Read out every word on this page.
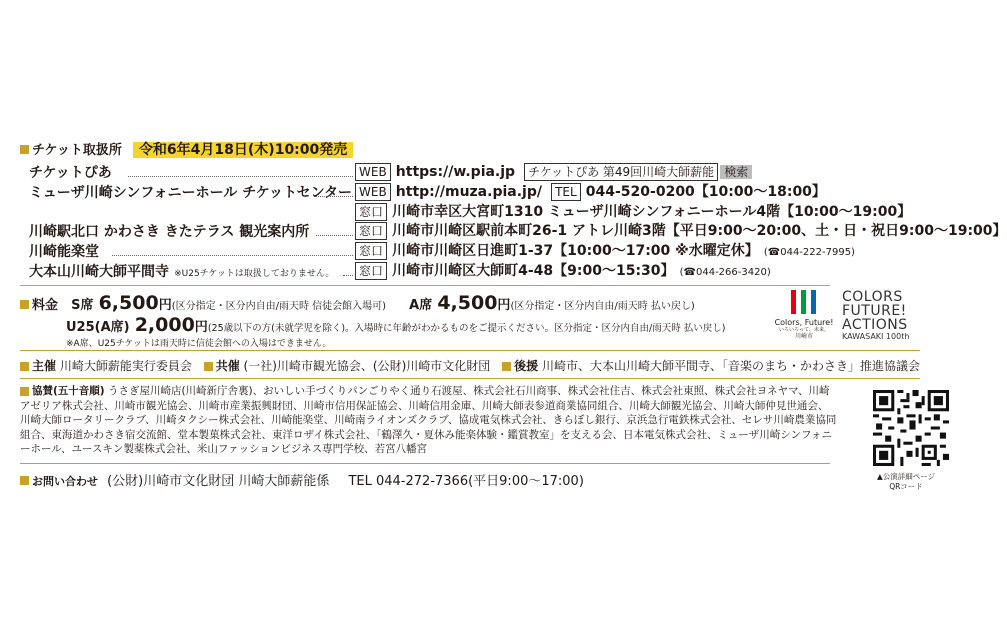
チケット取扱所 令和6年4月18日(木)10:00発売
チケットぴあ	WEB https://w.pia.jp チケットぴあ 第49回川崎大師薪能 検索
ミューザ川崎シンフォニーホール チケットセンター WEB http://muza.pia.jp/ TEL 044-520-0200【10:00～18:00】
窓口 川崎市幸区大宮町1310 ミューザ川崎シンフォニーホール4階【10:00～19:00】
川崎駅北口 かわさき きたテラス 観光案内所	窓口 川崎市川崎区駅前本町26-1 アトレ川崎3階【平日9:00～20:00、土・日・祝日9:00～19:00】
川崎能楽堂	窓口 川崎市川崎区日進町1-37【10:00～17:00 ※水曜定休】 (☎044-222-7995)
大本山川崎大師平間寺 ※U25チケットは取扱しておりません。	窓口 川崎市川崎区大師町4-48【9:00～15:30】 (☎044-266-3420)
料金 S席 6,500円(区分指定・区分内自由/雨天時 信徒会館入場可) A席 4,500円(区分指定・区分内自由/雨天時 払い戻し)
U25(A席) 2,000円(25歳以下の方(未就学児を除く)。入場時に年齢がわかるものをご提示ください。区分指定・区分内自由/雨天時 払い戻し)
※A席、U25チケットは雨天時に信徒会館への入場はできません。
Colors, Future!
いろいろって、未来。
川崎市
COLORS
FUTURE!
ACTIONS
KAWASAKI 100th
主催 川崎大師薪能実行委員会 共催 (一社)川崎市観光協会、(公財)川崎市文化財団 後援 川崎市、大本山川崎大師平間寺、「音楽のまち・かわさき」推進協議会
協賛(五十音順) うさぎ屋川崎店(川崎新庁舎裏)、おいしい手づくりパンごりやく通り石渡屋、株式会社石川商事、株式会社住吉、株式会社東照、株式会社ヨネヤマ、川崎アゼリア株式会社、川崎市観光協会、川崎市産業振興財団、川崎市信用保証協会、川崎信用金庫、川崎大師表参道商業協同組合、川崎大師観光協会、川崎大師仲見世通会、川崎大師ロータリークラブ、川崎タクシー株式会社、川崎能楽堂、川崎南ライオンズクラブ、協成電気株式会社、きらぼし銀行、京浜急行電鉄株式会社、セレサ川崎農業協同組合、東海道かわさき宿交流館、堂本製菓株式会社、東洋ロザイ株式会社、「鶴澤久・夏休み能楽体験・鑑賞教室」を支える会、日本電気株式会社、ミューザ川崎シンフォニーホール、ユースキン製薬株式会社、米山ファッションビジネス専門学校、若宮八幡宮
お問い合わせ (公財)川崎市文化財団 川崎大師薪能係 TEL 044-272-7366(平日9:00～17:00)	▲公演詳細ページ
QRコード
